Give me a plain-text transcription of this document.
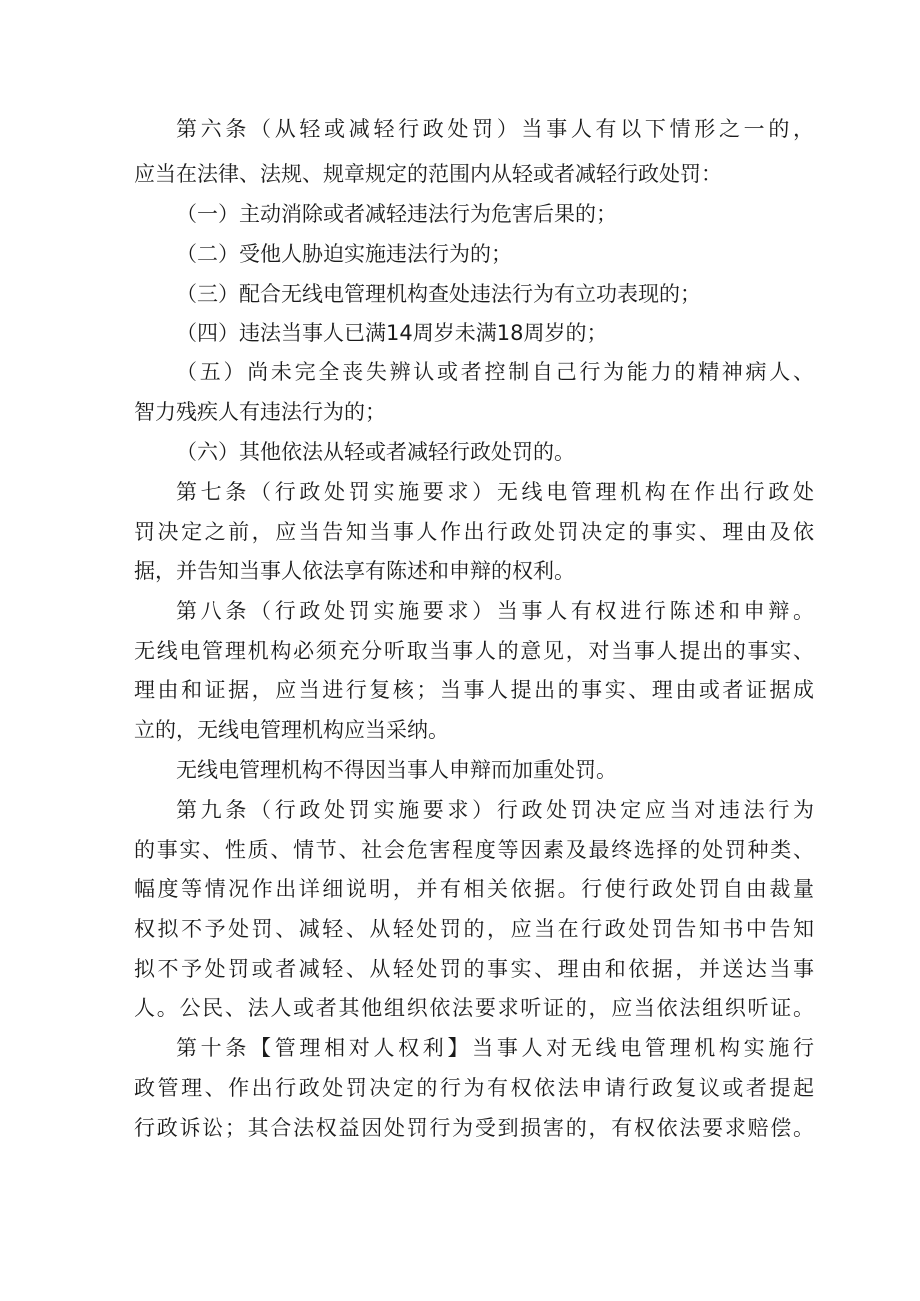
第六条（从轻或减轻行政处罚）当事人有以下情形之一的，
应当在法律、法规、规章规定的范围内从轻或者减轻行政处罚：
（一）主动消除或者减轻违法行为危害后果的；
（二）受他人胁迫实施违法行为的；
（三）配合无线电管理机构查处违法行为有立功表现的；
（四）违法当事人已满14周岁未满18周岁的；
（五）尚未完全丧失辨认或者控制自己行为能力的精神病人、
智力残疾人有违法行为的；
（六）其他依法从轻或者减轻行政处罚的。
第七条（行政处罚实施要求）无线电管理机构在作出行政处
罚决定之前，应当告知当事人作出行政处罚决定的事实、理由及依
据，并告知当事人依法享有陈述和申辩的权利。
第八条（行政处罚实施要求）当事人有权进行陈述和申辩。
无线电管理机构必须充分听取当事人的意见，对当事人提出的事实、
理由和证据，应当进行复核；当事人提出的事实、理由或者证据成
立的，无线电管理机构应当采纳。
无线电管理机构不得因当事人申辩而加重处罚。
第九条（行政处罚实施要求）行政处罚决定应当对违法行为
的事实、性质、情节、社会危害程度等因素及最终选择的处罚种类、
幅度等情况作出详细说明，并有相关依据。行使行政处罚自由裁量
权拟不予处罚、减轻、从轻处罚的，应当在行政处罚告知书中告知
拟不予处罚或者减轻、从轻处罚的事实、理由和依据，并送达当事
人。公民、法人或者其他组织依法要求听证的，应当依法组织听证。
第十条【管理相对人权利】当事人对无线电管理机构实施行
政管理、作出行政处罚决定的行为有权依法申请行政复议或者提起
行政诉讼；其合法权益因处罚行为受到损害的，有权依法要求赔偿。
